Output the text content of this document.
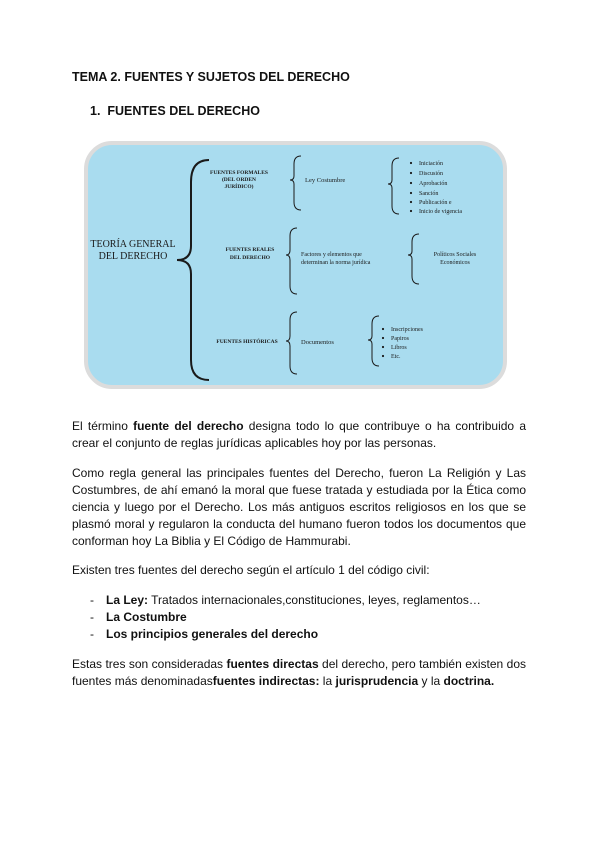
TEMA 2. FUENTES Y SUJETOS DEL DERECHO
1. FUENTES DEL DERECHO
TEORÍA GENERAL
DEL DERECHO
FUENTES FORMALES
(DEL ORDEN
JURÍDICO)
Ley Costumbre
Iniciación
Discusión
Aprobación
Sanción
Publicación e
Inicio de vigencia
FUENTES REALES
DEL DERECHO	Factores y elementos que
determinan la norma jurídica
Políticos Sociales
Económicos
FUENTES HISTÓRICAS	Documentos
Inscripciones
Papiros
Libros
Etc.
El término fuente del derecho designa todo lo que contribuye o ha contribuido a crear el conjunto de reglas jurídicas aplicables hoy por las personas.
Como regla general las principales fuentes del Derecho, fueron La Religión y Las Costumbres, de ahí emanó la moral que fuese tratada y estudiada por la Ética como ciencia y luego por el Derecho. Los más antiguos escritos religiosos en los que se plasmó moral y regularon la conducta del humano fueron todos los documentos que conforman hoy La Biblia y El Código de Hammurabi.
Existen tres fuentes del derecho según el artículo 1 del código civil:
- La Ley: Tratados internacionales,constituciones, leyes, reglamentos…
- La Costumbre
- Los principios generales del derecho
Estas tres son consideradas fuentes directas del derecho, pero también existen dos fuentes más denominadasfuentes indirectas: la jurisprudencia y la doctrina.
